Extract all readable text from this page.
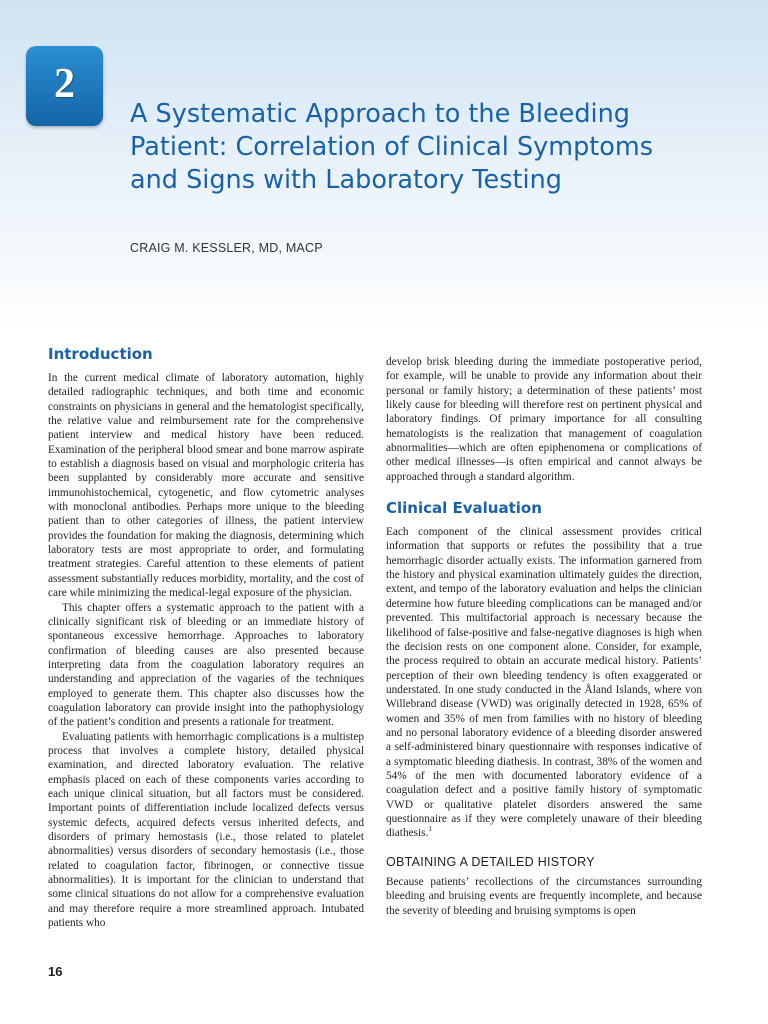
2
A Systematic Approach to the Bleeding Patient: Correlation of Clinical Symptoms and Signs with Laboratory Testing
CRAIG M. KESSLER, MD, MACP
Introduction

In the current medical climate of laboratory automation, highly detailed radiographic techniques, and both time and economic constraints on physicians in general and the hematologist specifically, the relative value and reimbursement rate for the comprehensive patient interview and medical history have been reduced. Examination of the peripheral blood smear and bone marrow aspirate to establish a diagnosis based on visual and morphologic criteria has been supplanted by considerably more accurate and sensitive immunohistochemical, cytogenetic, and flow cytometric analyses with monoclonal antibodies. Perhaps more unique to the bleeding patient than to other categories of illness, the patient interview provides the foundation for making the diagnosis, determining which laboratory tests are most appropriate to order, and formulating treatment strategies. Careful attention to these elements of patient assessment substantially reduces morbidity, mortality, and the cost of care while minimizing the medical-legal exposure of the physician.

This chapter offers a systematic approach to the patient with a clinically significant risk of bleeding or an immediate history of spontaneous excessive hemorrhage. Approaches to laboratory confirmation of bleeding causes are also presented because interpreting data from the coagulation laboratory requires an understanding and appreciation of the vagaries of the techniques employed to generate them. This chapter also discusses how the coagulation laboratory can provide insight into the pathophysiology of the patient’s condition and presents a rationale for treatment.

Evaluating patients with hemorrhagic complications is a multistep process that involves a complete history, detailed physical examination, and directed laboratory evaluation. The relative emphasis placed on each of these components varies according to each unique clinical situation, but all factors must be considered. Important points of differentiation include localized defects versus systemic defects, acquired defects versus inherited defects, and disorders of primary hemostasis (i.e., those related to platelet abnormalities) versus disorders of secondary hemostasis (i.e., those related to coagulation factor, fibrinogen, or connective tissue abnormalities). It is important for the clinician to understand that some clinical situations do not allow for a comprehensive evaluation and may therefore require a more streamlined approach. Intubated patients who

develop brisk bleeding during the immediate postoperative period, for example, will be unable to provide any information about their personal or family history; a determination of these patients’ most likely cause for bleeding will therefore rest on pertinent physical and laboratory findings. Of primary importance for all consulting hematologists is the realization that management of coagulation abnormalities—which are often epiphenomena or complications of other medical illnesses—is often empirical and cannot always be approached through a standard algorithm.

Clinical Evaluation

Each component of the clinical assessment provides critical information that supports or refutes the possibility that a true hemorrhagic disorder actually exists. The information garnered from the history and physical examination ultimately guides the direction, extent, and tempo of the laboratory evaluation and helps the clinician determine how future bleeding complications can be managed and/or prevented. This multifactorial approach is necessary because the likelihood of false-positive and false-negative diagnoses is high when the decision rests on one component alone. Consider, for example, the process required to obtain an accurate medical history. Patients’ perception of their own bleeding tendency is often exaggerated or understated. In one study conducted in the Åland Islands, where von Willebrand disease (VWD) was originally detected in 1928, 65% of women and 35% of men from families with no history of bleeding and no personal laboratory evidence of a bleeding disorder answered a self-administered binary questionnaire with responses indicative of a symptomatic bleeding diathesis. In contrast, 38% of the women and 54% of the men with documented laboratory evidence of a coagulation defect and a positive family history of symptomatic VWD or qualitative platelet disorders answered the same questionnaire as if they were completely unaware of their bleeding diathesis.$^1$

OBTAINING A DETAILED HISTORY

Because patients’ recollections of the circumstances surrounding bleeding and bruising events are frequently incomplete, and because the severity of bleeding and bruising symptoms is open

16
